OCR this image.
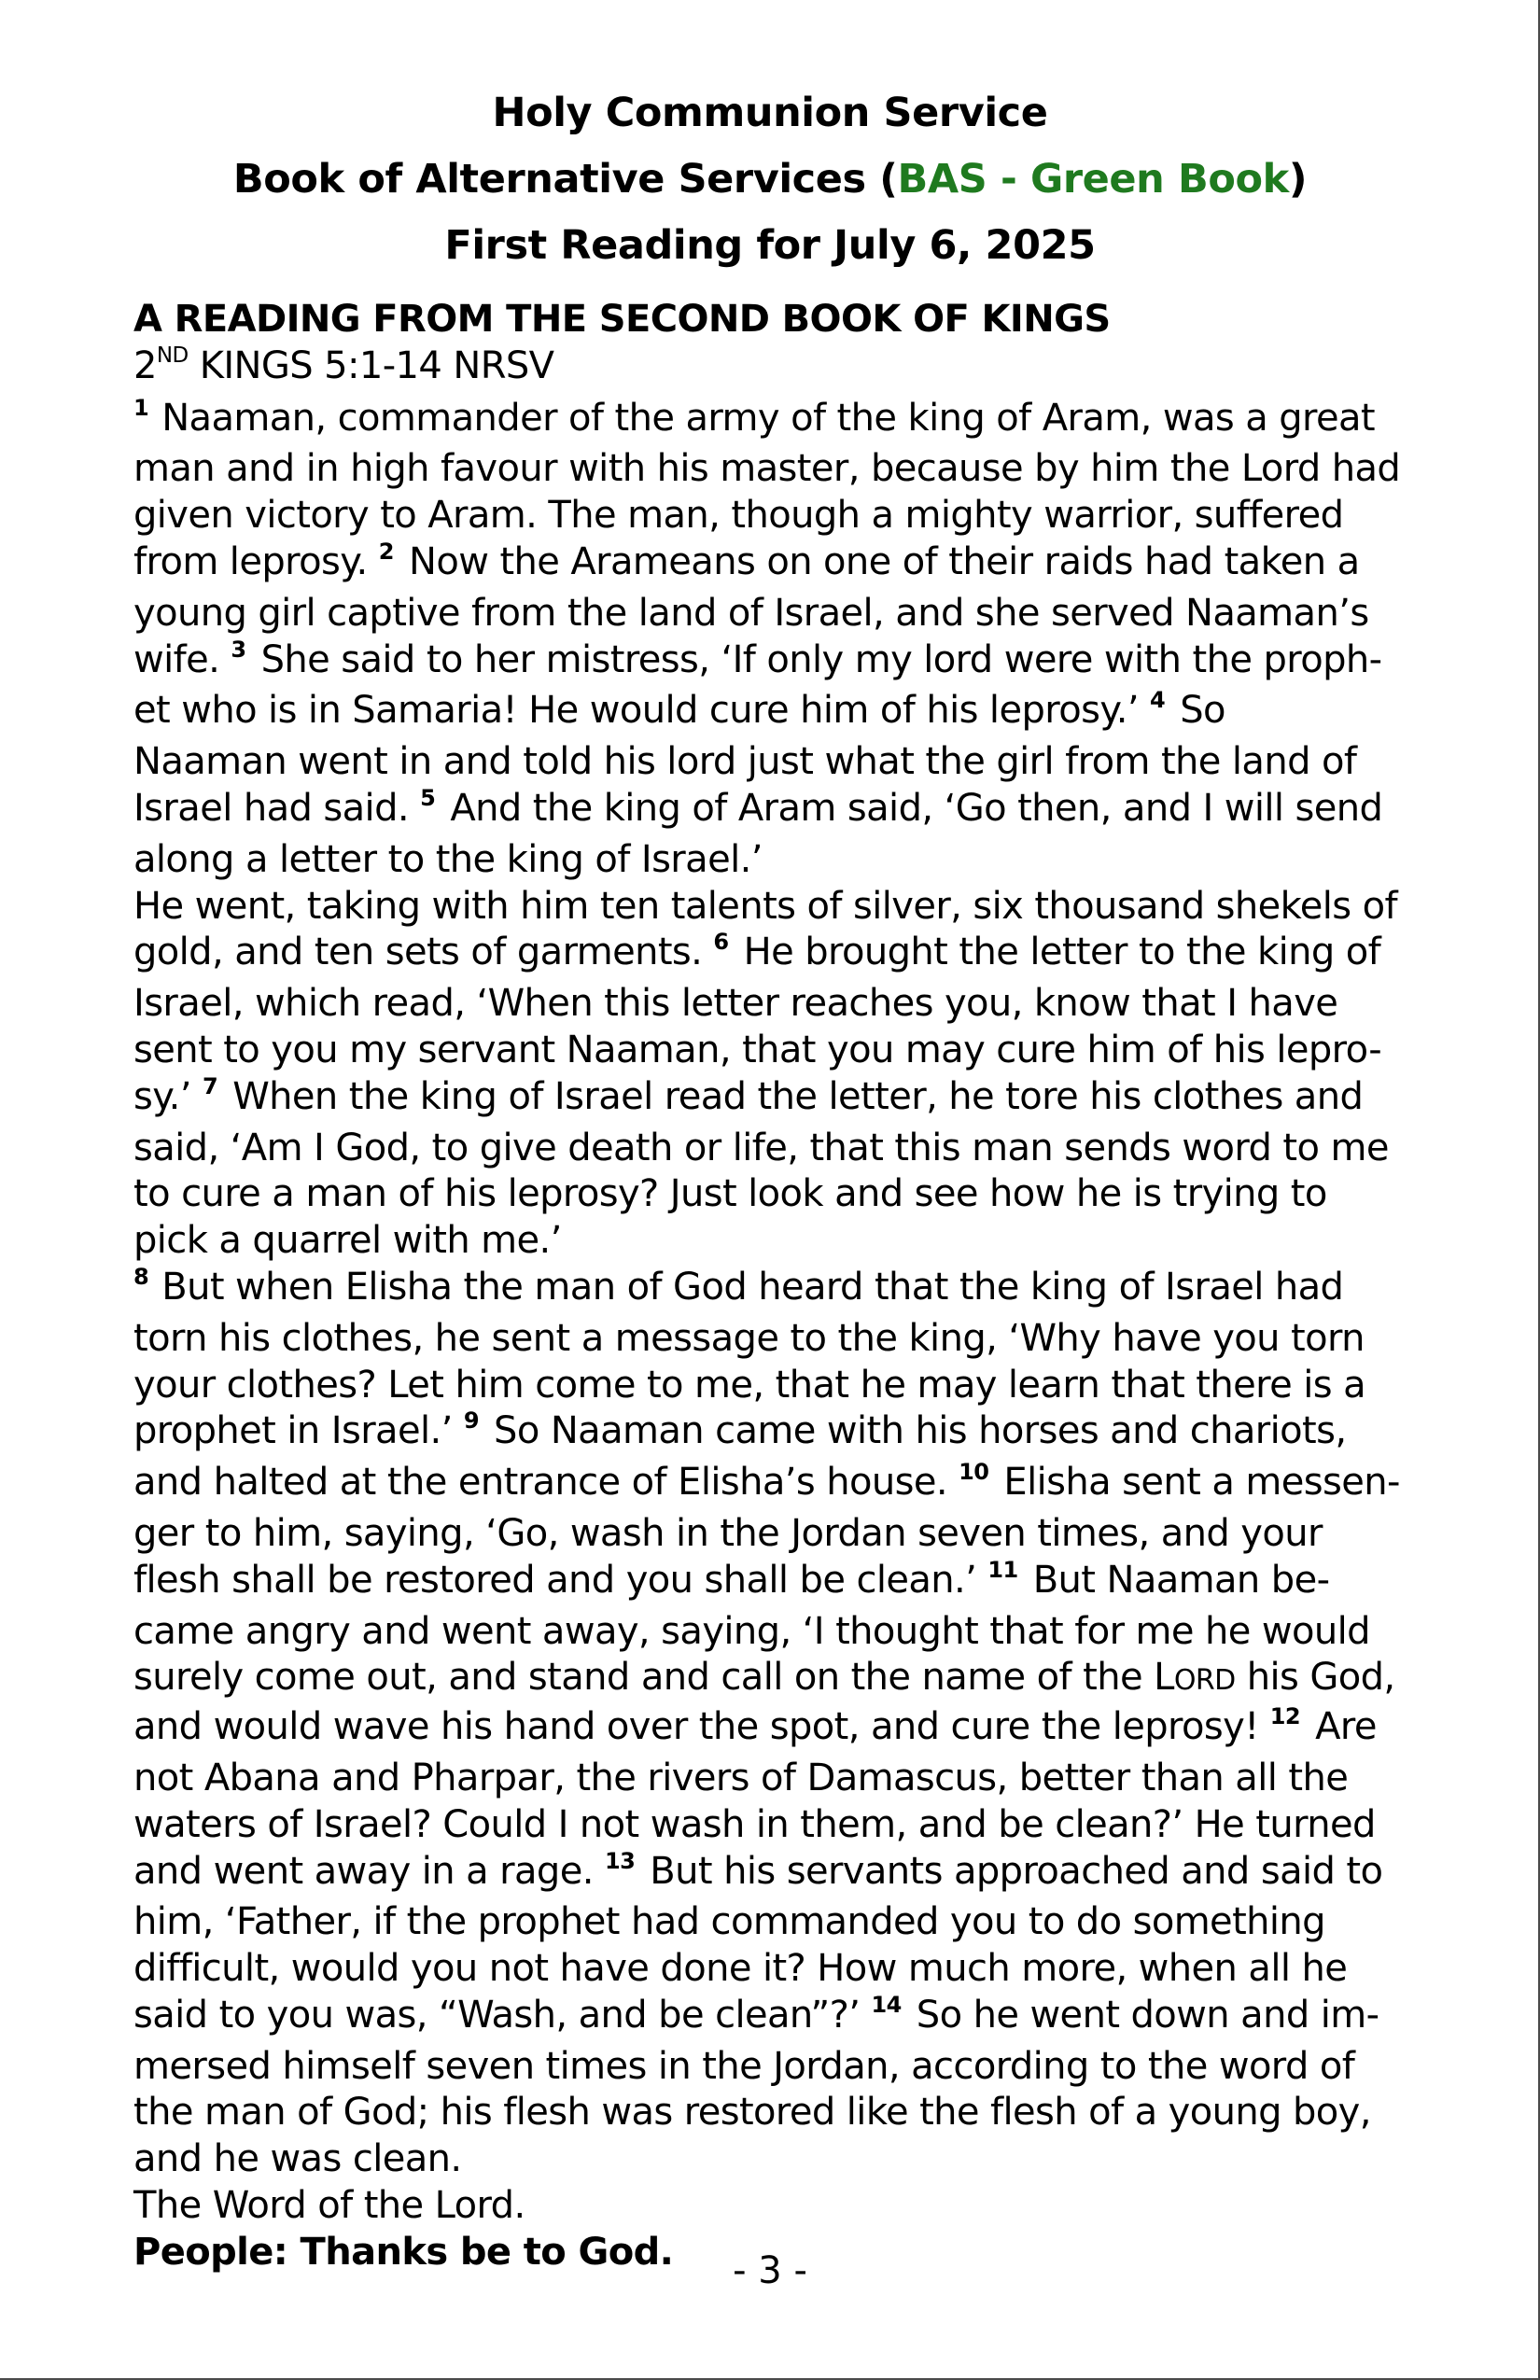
Holy Communion Service
Book of Alternative Services (BAS - Green Book)
First Reading for July 6, 2025
A READING FROM THE SECOND BOOK OF KINGS
2ND KINGS 5:1-14 NRSV
$^1$ Naaman, commander of the army of the king of Aram, was a great
man and in high favour with his master, because by him the Lord had
given victory to Aram. The man, though a mighty warrior, suffered
from leprosy. $^2$ Now the Arameans on one of their raids had taken a
young girl captive from the land of Israel, and she served Naaman’s
wife. $^3$ She said to her mistress, ‘If only my lord were with the proph-
et who is in Samaria! He would cure him of his leprosy.’ $^4$ So
Naaman went in and told his lord just what the girl from the land of
Israel had said. $^5$ And the king of Aram said, ‘Go then, and I will send
along a letter to the king of Israel.’
He went, taking with him ten talents of silver, six thousand shekels of
gold, and ten sets of garments. $^6$ He brought the letter to the king of
Israel, which read, ‘When this letter reaches you, know that I have
sent to you my servant Naaman, that you may cure him of his lepro-
sy.’ $^7$ When the king of Israel read the letter, he tore his clothes and
said, ‘Am I God, to give death or life, that this man sends word to me
to cure a man of his leprosy? Just look and see how he is trying to
pick a quarrel with me.’
$^8$ But when Elisha the man of God heard that the king of Israel had
torn his clothes, he sent a message to the king, ‘Why have you torn
your clothes? Let him come to me, that he may learn that there is a
prophet in Israel.’ $^9$ So Naaman came with his horses and chariots,
and halted at the entrance of Elisha’s house. $^{10}$ Elisha sent a messen-
ger to him, saying, ‘Go, wash in the Jordan seven times, and your
flesh shall be restored and you shall be clean.’ $^{11}$ But Naaman be-
came angry and went away, saying, ‘I thought that for me he would
surely come out, and stand and call on the name of the LORD his God,
and would wave his hand over the spot, and cure the leprosy! $^{12}$ Are
not Abana and Pharpar, the rivers of Damascus, better than all the
waters of Israel? Could I not wash in them, and be clean?’ He turned
and went away in a rage. $^{13}$ But his servants approached and said to
him, ‘Father, if the prophet had commanded you to do something
difficult, would you not have done it? How much more, when all he
said to you was, “Wash, and be clean”?’ $^{14}$ So he went down and im-
mersed himself seven times in the Jordan, according to the word of
the man of God; his flesh was restored like the flesh of a young boy,
and he was clean.
The Word of the Lord.
People: Thanks be to God.	- 3 -
